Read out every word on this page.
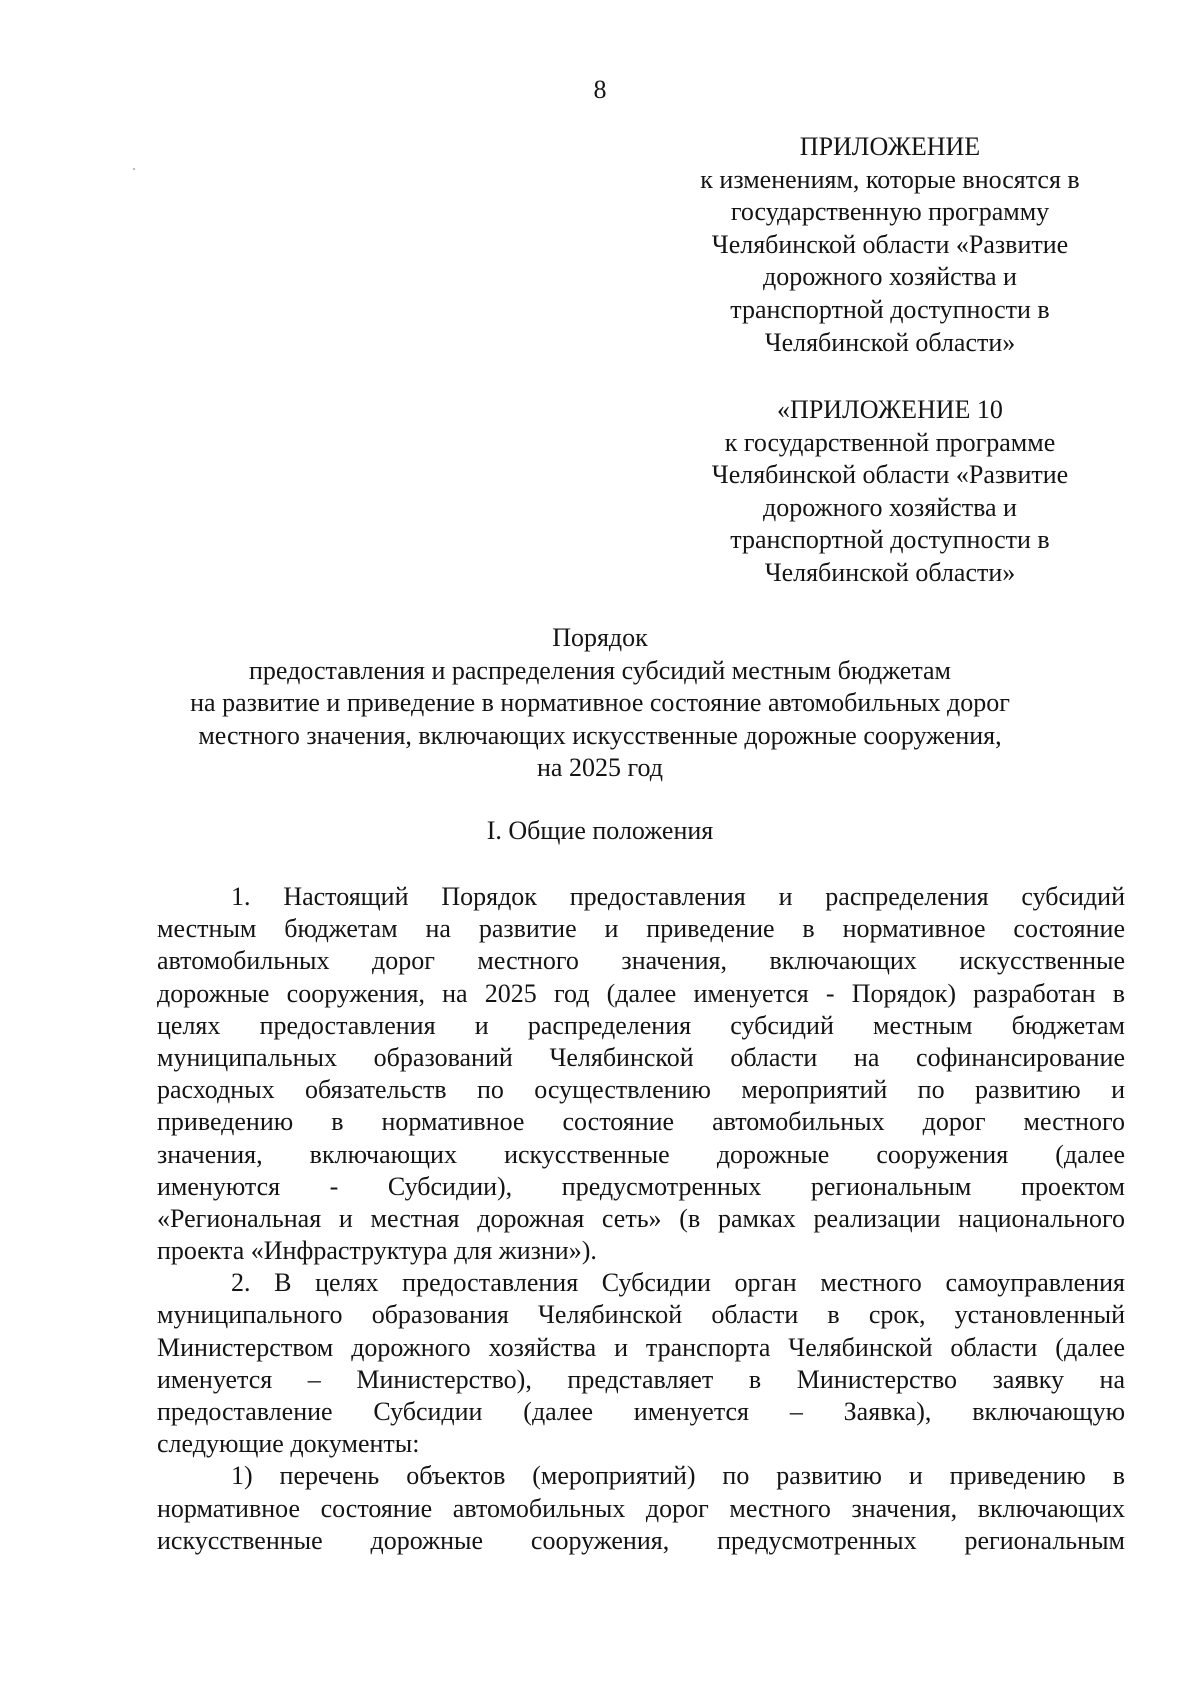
8
ПРИЛОЖЕНИЕ
к изменениям, которые вносятся в
государственную программу
Челябинской области «Развитие
дорожного хозяйства и
транспортной доступности в
Челябинской области»
«ПРИЛОЖЕНИЕ 10
к государственной программе
Челябинской области «Развитие
дорожного хозяйства и
транспортной доступности в
Челябинской области»
Порядок
предоставления и распределения субсидий местным бюджетам
на развитие и приведение в нормативное состояние автомобильных дорог
местного значения, включающих искусственные дорожные сооружения,
на 2025 год
I. Общие положения
1. Настоящий Порядок предоставления и распределения субсидий
местным бюджетам на развитие и приведение в нормативное состояние
автомобильных дорог местного значения, включающих искусственные
дорожные сооружения, на 2025 год (далее именуется - Порядок) разработан в
целях предоставления и распределения субсидий местным бюджетам
муниципальных образований Челябинской области на софинансирование
расходных обязательств по осуществлению мероприятий по развитию и
приведению в нормативное состояние автомобильных дорог местного
значения, включающих искусственные дорожные сооружения (далее
именуются - Субсидии), предусмотренных региональным проектом
«Региональная и местная дорожная сеть» (в рамках реализации национального
проекта «Инфраструктура для жизни»).
2. В целях предоставления Субсидии орган местного самоуправления
муниципального образования Челябинской области в срок, установленный
Министерством дорожного хозяйства и транспорта Челябинской области (далее
именуется – Министерство), представляет в Министерство заявку на
предоставление Субсидии (далее именуется – Заявка), включающую
следующие документы:
1) перечень объектов (мероприятий) по развитию и приведению в
нормативное состояние автомобильных дорог местного значения, включающих
искусственные дорожные сооружения, предусмотренных региональным
